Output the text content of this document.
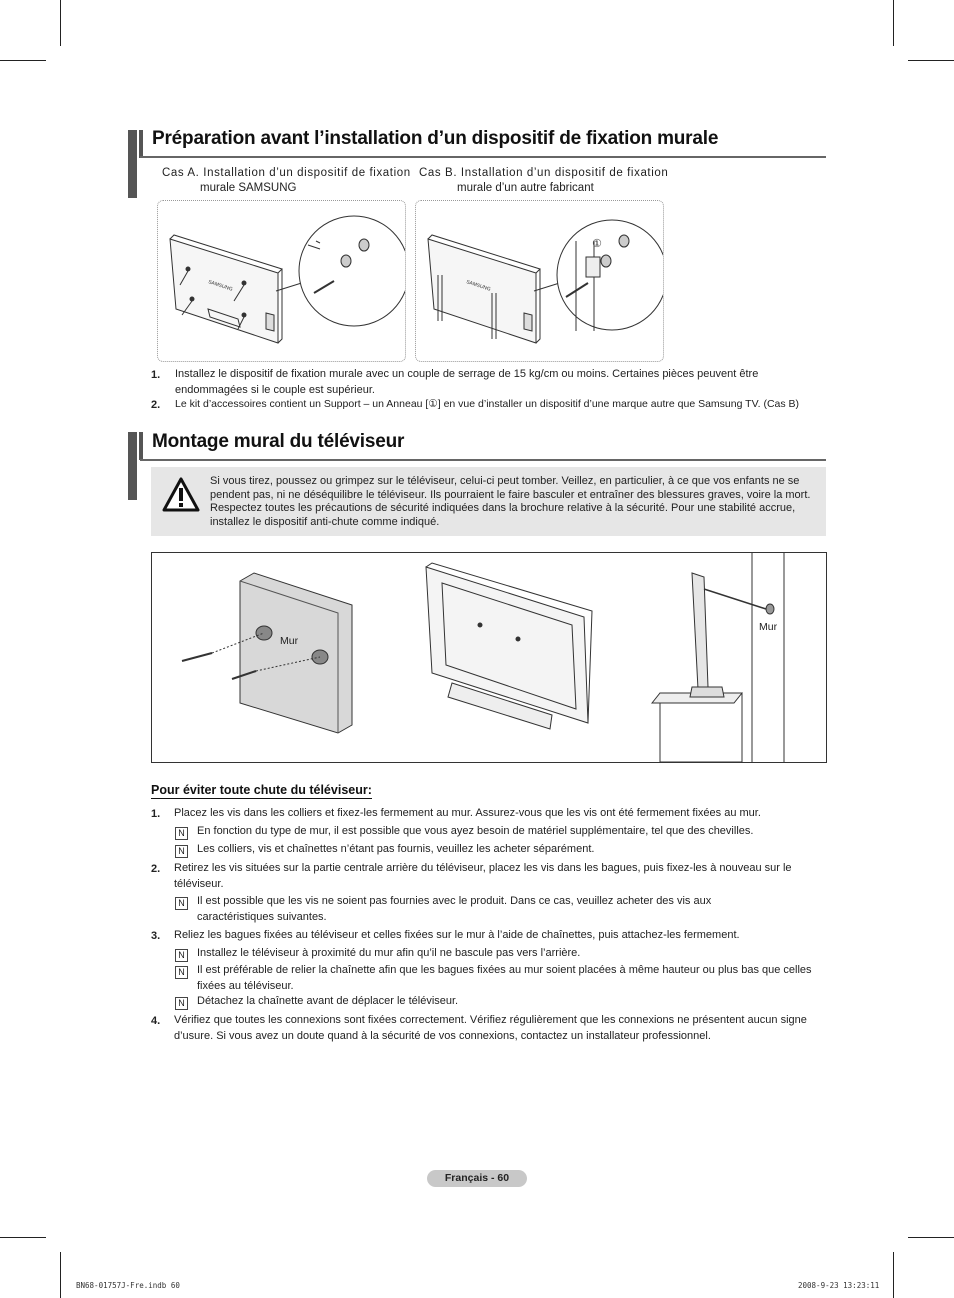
Préparation avant l’installation d’un dispositif de fixation murale
Cas A. Installation d’un dispositif de fixation
murale SAMSUNG
Cas B. Installation d’un dispositif de fixation
murale d’un autre fabricant
SAMSUNG	SAMSUNG
①
1. Installez le dispositif de fixation murale avec un couple de serrage de 15 kg/cm ou moins. Certaines pièces peuvent être endommagées si le couple est supérieur.
2. Le kit d’accessoires contient un Support – un Anneau [①] en vue d’installer un dispositif d’une marque autre que Samsung TV. (Cas B)
Montage mural du téléviseur
Si vous tirez, poussez ou grimpez sur le téléviseur, celui-ci peut tomber. Veillez, en particulier, à ce que vos enfants ne se pendent pas, ni ne déséquilibre le téléviseur. Ils pourraient le faire basculer et entraîner des blessures graves, voire la mort. Respectez toutes les précautions de sécurité indiquées dans la brochure relative à la sécurité. Pour une stabilité accrue, installez le dispositif anti-chute comme indiqué.
Mur
Mur
Pour éviter toute chute du téléviseur:
1. Placez les vis dans les colliers et fixez-les fermement au mur. Assurez-vous que les vis ont été fermement fixées au mur.
N En fonction du type de mur, il est possible que vous ayez besoin de matériel supplémentaire, tel que des chevilles.
N Les colliers, vis et chaînettes n’étant pas fournis, veuillez les acheter séparément.
2. Retirez les vis situées sur la partie centrale arrière du téléviseur, placez les vis dans les bagues, puis fixez-les à nouveau sur le téléviseur.
N Il est possible que les vis ne soient pas fournies avec le produit. Dans ce cas, veuillez acheter des vis aux caractéristiques suivantes.
3. Reliez les bagues fixées au téléviseur et celles fixées sur le mur à l’aide de chaînettes, puis attachez-les fermement.
N Installez le téléviseur à proximité du mur afin qu’il ne bascule pas vers l’arrière.
N Il est préférable de relier la chaînette afin que les bagues fixées au mur soient placées à même hauteur ou plus bas que celles fixées au téléviseur.
N Détachez la chaînette avant de déplacer le téléviseur.
4. Vérifiez que toutes les connexions sont fixées correctement. Vérifiez régulièrement que les connexions ne présentent aucun signe d’usure. Si vous avez un doute quand à la sécurité de vos connexions, contactez un installateur professionnel.
Français - 60
BN68-01757J-Fre.indb 60	2008-9-23 13:23:11
